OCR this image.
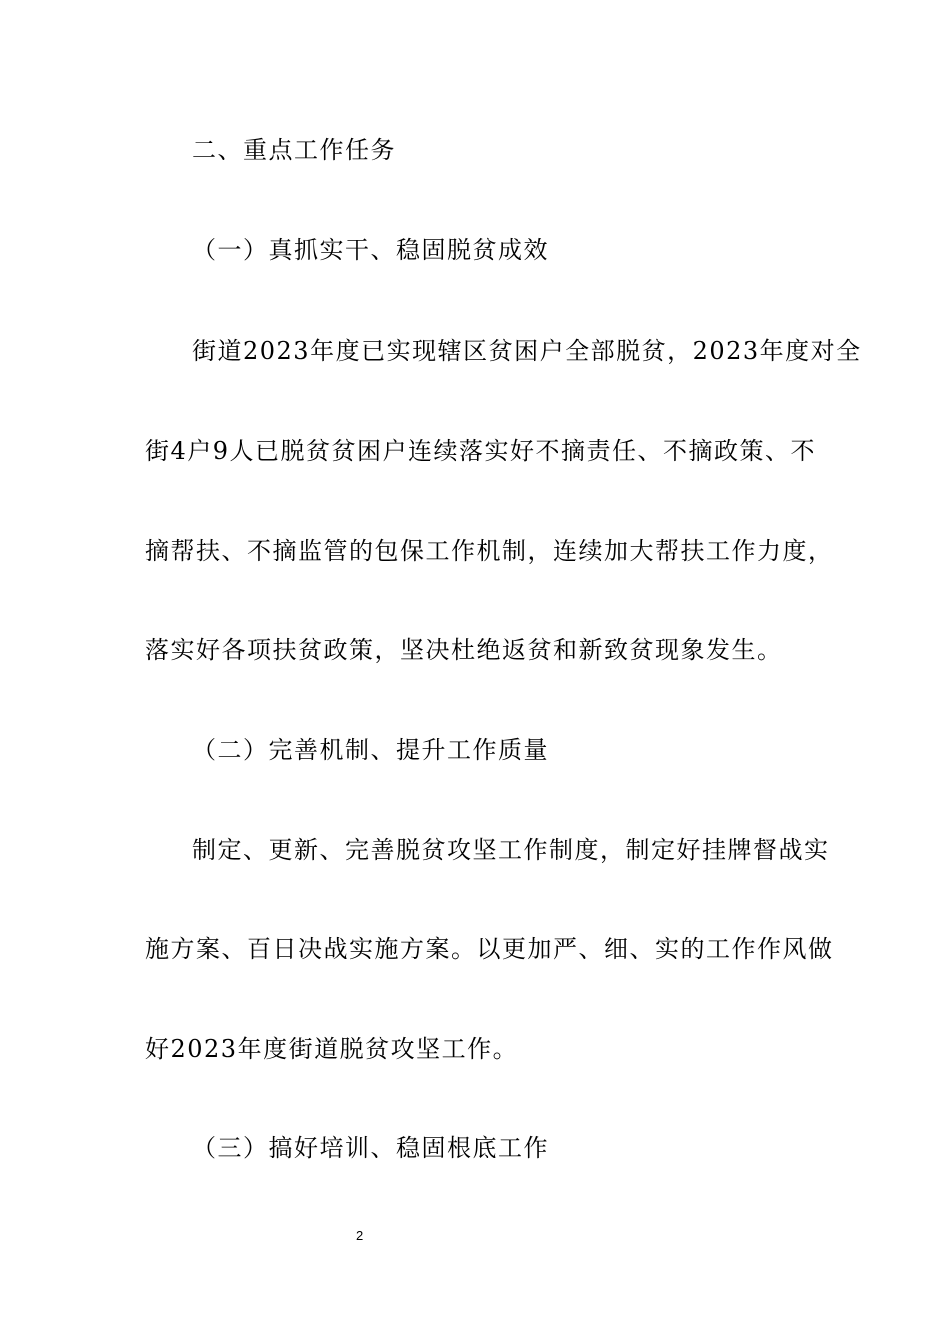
二、重点工作任务
（一）真抓实干、稳固脱贫成效
街道2023年度已实现辖区贫困户全部脱贫，2023年度对全
街4户9人已脱贫贫困户连续落实好不摘责任、不摘政策、不
摘帮扶、不摘监管的包保工作机制，连续加大帮扶工作力度，
落实好各项扶贫政策，坚决杜绝返贫和新致贫现象发生。
（二）完善机制、提升工作质量
制定、更新、完善脱贫攻坚工作制度，制定好挂牌督战实
施方案、百日决战实施方案。以更加严、细、实的工作作风做
好2023年度街道脱贫攻坚工作。
（三）搞好培训、稳固根底工作
2
